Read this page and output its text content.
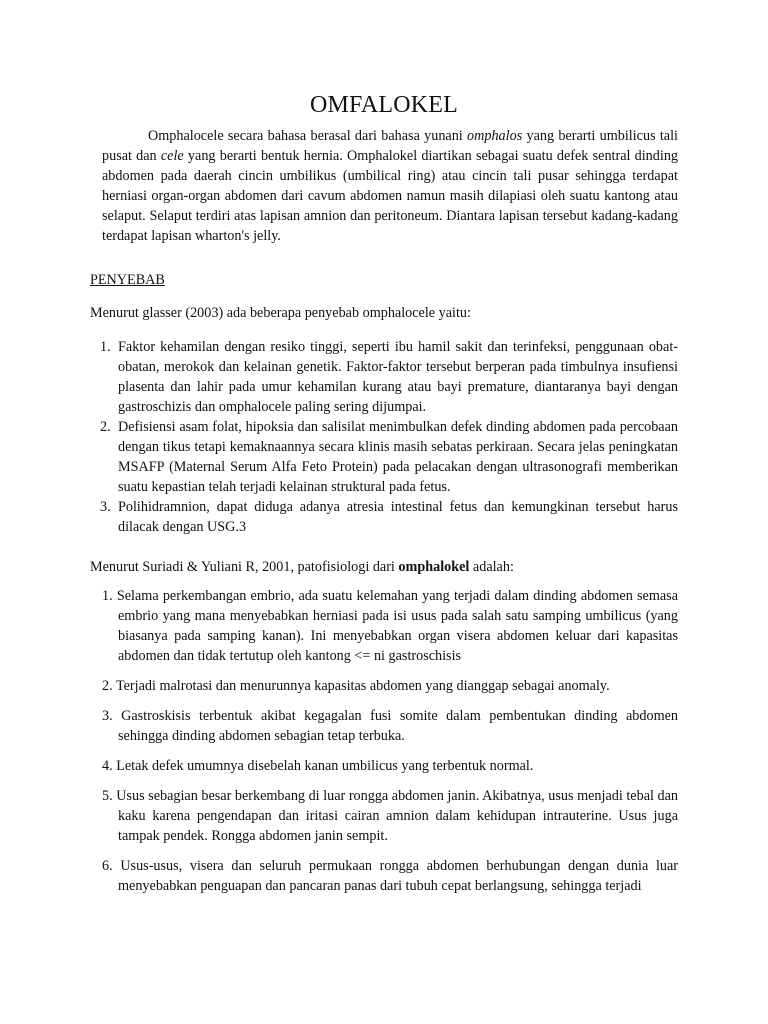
OMFALOKEL

Omphalocele secara bahasa berasal dari bahasa yunani omphalos yang berarti umbilicus tali pusat dan cele yang berarti bentuk hernia. Omphalokel diartikan sebagai suatu defek sentral dinding abdomen pada daerah cincin umbilikus (umbilical ring) atau cincin tali pusar sehingga terdapat herniasi organ-organ abdomen dari cavum abdomen namun masih dilapiasi oleh suatu kantong atau selaput. Selaput terdiri atas lapisan amnion dan peritoneum. Diantara lapisan tersebut kadang-kadang terdapat lapisan wharton's jelly.

PENYEBAB

Menurut glasser (2003) ada beberapa penyebab omphalocele yaitu:

1. Faktor kehamilan dengan resiko tinggi, seperti ibu hamil sakit dan terinfeksi, penggunaan obat-obatan, merokok dan kelainan genetik. Faktor-faktor tersebut berperan pada timbulnya insufiensi plasenta dan lahir pada umur kehamilan kurang atau bayi premature, diantaranya bayi dengan gastroschizis dan omphalocele paling sering dijumpai.
2. Defisiensi asam folat, hipoksia dan salisilat menimbulkan defek dinding abdomen pada percobaan dengan tikus tetapi kemaknaannya secara klinis masih sebatas perkiraan. Secara jelas peningkatan MSAFP (Maternal Serum Alfa Feto Protein) pada pelacakan dengan ultrasonografi memberikan suatu kepastian telah terjadi kelainan struktural pada fetus.
3. Polihidramnion, dapat diduga adanya atresia intestinal fetus dan kemungkinan tersebut harus dilacak dengan USG.3

Menurut Suriadi & Yuliani R, 2001, patofisiologi dari omphalokel adalah:

1. Selama perkembangan embrio, ada suatu kelemahan yang terjadi dalam dinding abdomen semasa embrio yang mana menyebabkan herniasi pada isi usus pada salah satu samping umbilicus (yang biasanya pada samping kanan). Ini menyebabkan organ visera abdomen keluar dari kapasitas abdomen dan tidak tertutup oleh kantong <= ni gastroschisis
2. Terjadi malrotasi dan menurunnya kapasitas abdomen yang dianggap sebagai anomaly.
3. Gastroskisis terbentuk akibat kegagalan fusi somite dalam pembentukan dinding abdomen sehingga dinding abdomen sebagian tetap terbuka.
4. Letak defek umumnya disebelah kanan umbilicus yang terbentuk normal.
5. Usus sebagian besar berkembang di luar rongga abdomen janin. Akibatnya, usus menjadi tebal dan kaku karena pengendapan dan iritasi cairan amnion dalam kehidupan intrauterine. Usus juga tampak pendek. Rongga abdomen janin sempit.
6. Usus-usus, visera dan seluruh permukaan rongga abdomen berhubungan dengan dunia luar menyebabkan penguapan dan pancaran panas dari tubuh cepat berlangsung, sehingga terjadi
